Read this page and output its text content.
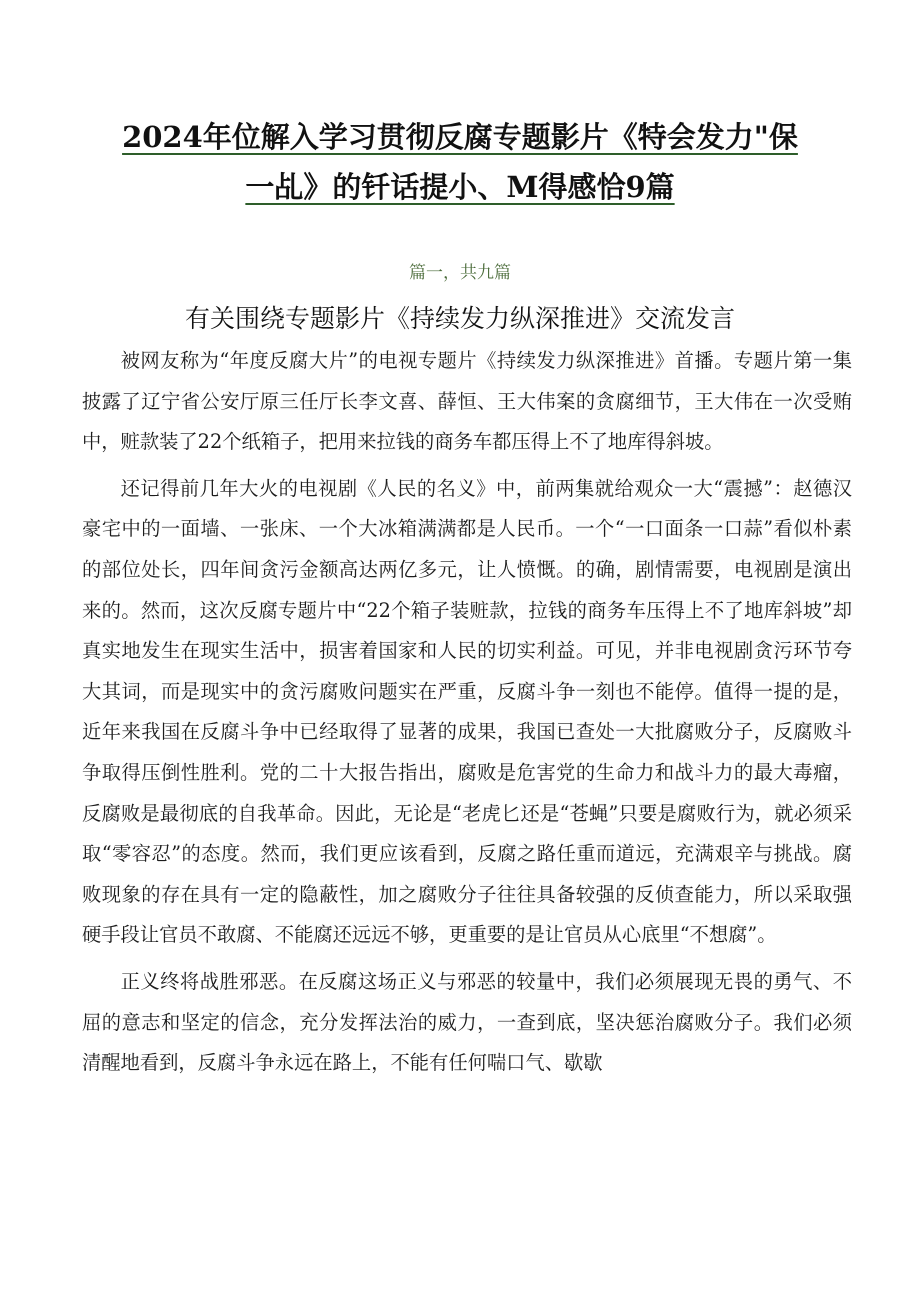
2024年位解入学习贯彻反腐专题影片《特会发力"保一乩》的钎话提小、M得感恰9篇
篇一，共九篇
有关围绕专题影片《持续发力纵深推进》交流发言

被网友称为“年度反腐大片”的电视专题片《持续发力纵深推进》首播。专题片第一集披露了辽宁省公安厅原三任厅长李文喜、薛恒、王大伟案的贪腐细节，王大伟在一次受贿中，赃款装了22个纸箱子，把用来拉钱的商务车都压得上不了地库得斜坡。

还记得前几年大火的电视剧《人民的名义》中，前两集就给观众一大“震撼”：赵德汉豪宅中的一面墙、一张床、一个大冰箱满满都是人民币。一个“一口面条一口蒜”看似朴素的部位处长，四年间贪污金额高达两亿多元，让人愤慨。的确，剧情需要，电视剧是演出来的。然而，这次反腐专题片中“22个箱子装赃款，拉钱的商务车压得上不了地库斜坡”却真实地发生在现实生活中，损害着国家和人民的切实利益。可见，并非电视剧贪污环节夸大其词，而是现实中的贪污腐败问题实在严重，反腐斗争一刻也不能停。值得一提的是，近年来我国在反腐斗争中已经取得了显著的成果，我国已查处一大批腐败分子，反腐败斗争取得压倒性胜利。党的二十大报告指出，腐败是危害党的生命力和战斗力的最大毒瘤，反腐败是最彻底的自我革命。因此，无论是“老虎匕还是“苍蝇”只要是腐败行为，就必须采取“零容忍”的态度。然而，我们更应该看到，反腐之路任重而道远，充满艰辛与挑战。腐败现象的存在具有一定的隐蔽性，加之腐败分子往往具备较强的反侦查能力，所以采取强硬手段让官员不敢腐、不能腐还远远不够，更重要的是让官员从心底里“不想腐”。

正义终将战胜邪恶。在反腐这场正义与邪恶的较量中，我们必须展现无畏的勇气、不屈的意志和坚定的信念，充分发挥法治的威力，一查到底，坚决惩治腐败分子。我们必须清醒地看到，反腐斗争永远在路上，不能有任何喘口气、歇歇
